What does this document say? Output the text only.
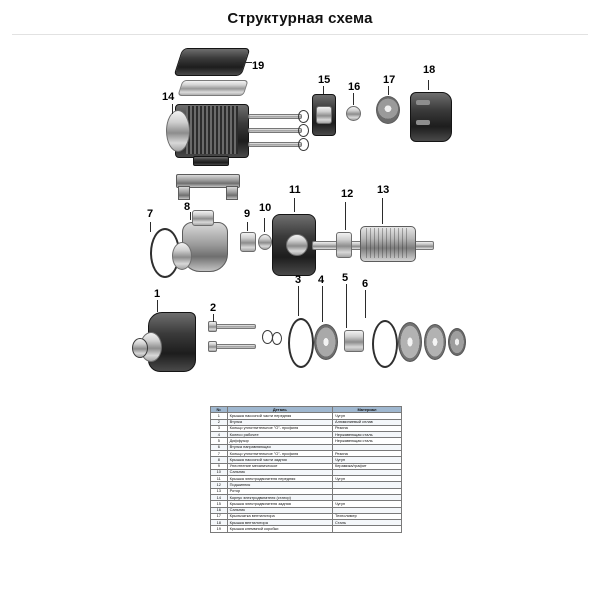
Структурная схема
19
14
15
16
17
18
7
8
9 10
11	12 13
1
2
3 4 5 6
№	Деталь	Материал
1	Крышка насосной части передняя	Чугун
2	Втулка	Алюминиевый сплав
3	Кольцо уплотнительное "О"- профиля	Резина
4	Колесо рабочее	Нержавеющая сталь
5	Диффузор	Нержавеющая сталь
6	Втулка направляющая	
7	Кольцо уплотнительное "О"- профиля	Резина
8	Крышка насосной части задняя	Чугун
9	Уплотнение механическое	Керамика/графит
10	Сальник	
11	Крышка электродвигателя передняя	Чугун
12	Подшипник	
13	Ротор	
14	Корпус электродвигателя (статор)	
15	Крышка электродвигателя задняя	Чугун
16	Сальник	
17	Крыльчатка вентилятора	Техполимер
18	Крышка вентилятора	Сталь
19	Крышка клеммной коробки	
